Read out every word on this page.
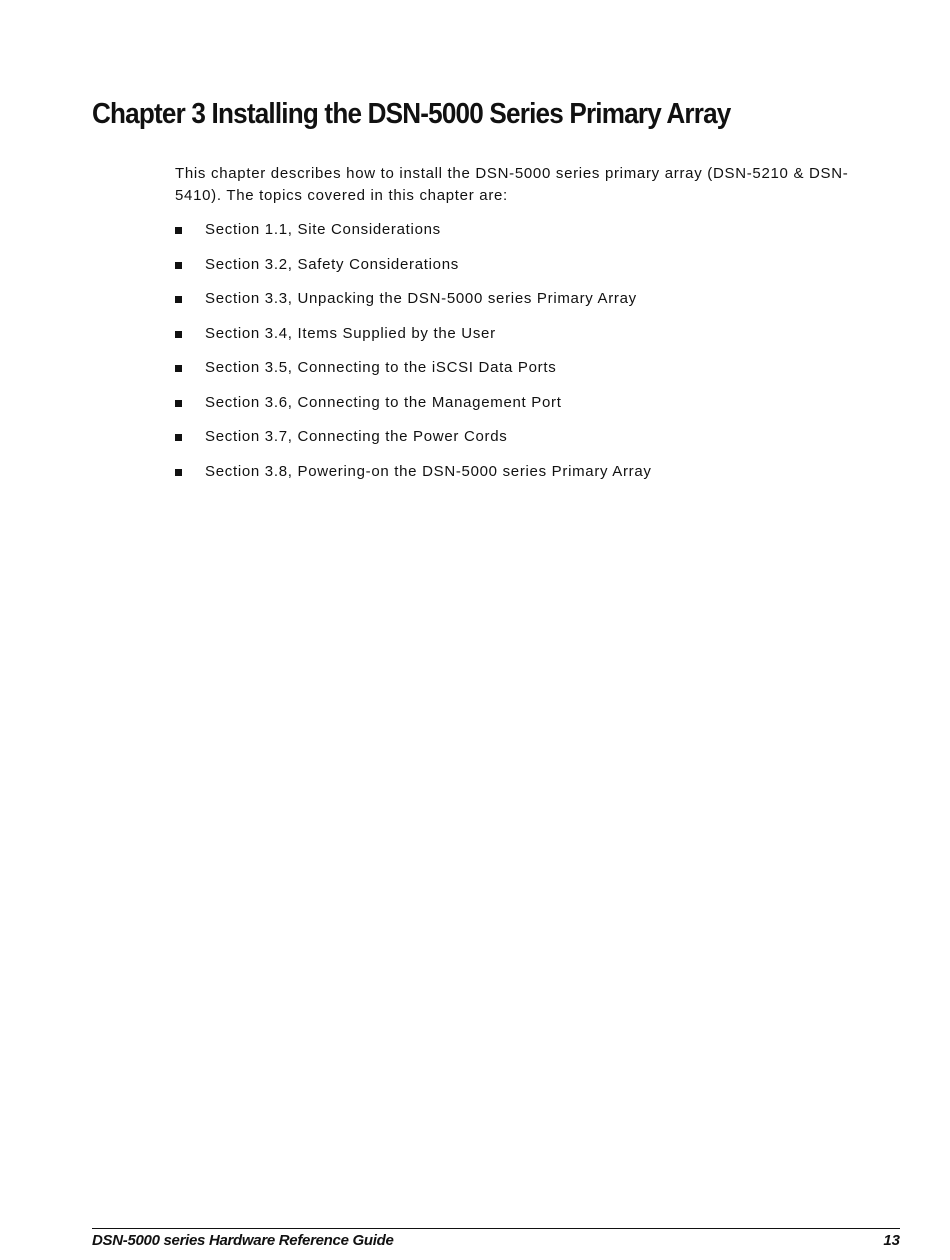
Chapter 3 Installing the DSN-5000 Series Primary Array

This chapter describes how to install the DSN-5000 series primary array (DSN-5210 & DSN-5410). The topics covered in this chapter are:

Section 1.1, Site Considerations
Section 3.2, Safety Considerations
Section 3.3, Unpacking the DSN-5000 series Primary Array
Section 3.4, Items Supplied by the User
Section 3.5, Connecting to the iSCSI Data Ports
Section 3.6, Connecting to the Management Port
Section 3.7, Connecting the Power Cords
Section 3.8, Powering-on the DSN-5000 series Primary Array
DSN-5000 series Hardware Reference Guide	13
